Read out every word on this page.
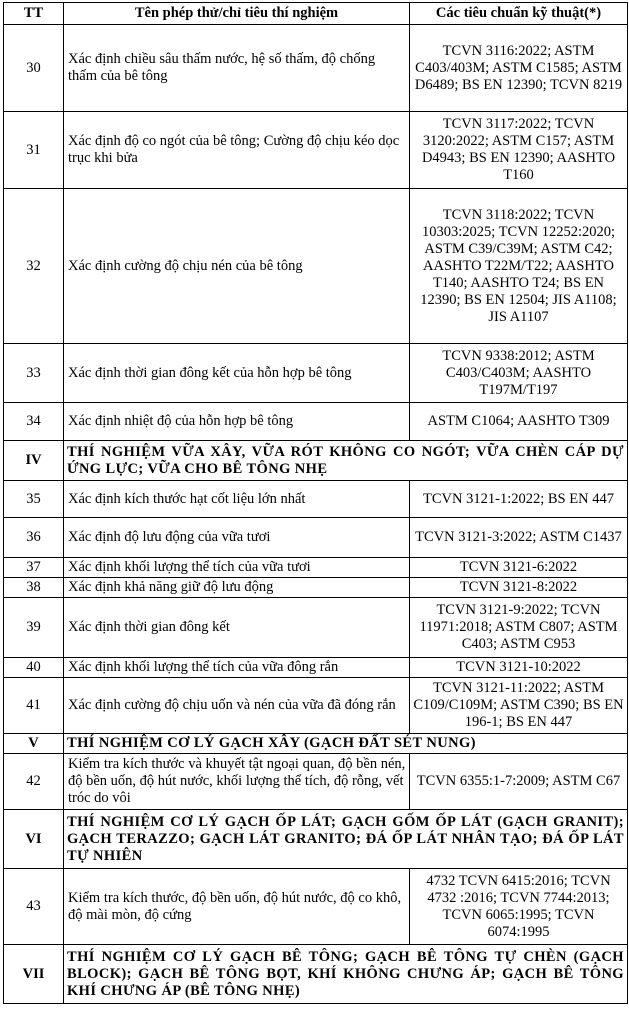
TT	Tên phép thử/chỉ tiêu thí nghiệm	Các tiêu chuẩn kỹ thuật(*)
30	Xác định chiều sâu thấm nước, hệ số thấm, độ chống thấm của bê tông	TCVN 3116:2022; ASTM C403/403M; ASTM C1585; ASTM D6489; BS EN 12390; TCVN 8219
31	Xác định độ co ngót của bê tông; Cường độ chịu kéo dọc trục khi bửa	TCVN 3117:2022; TCVN 3120:2022; ASTM C157; ASTM D4943; BS EN 12390; AASHTO T160
32	Xác định cường độ chịu nén của bê tông	TCVN 3118:2022; TCVN 10303:2025; TCVN 12252:2020; ASTM C39/C39M; ASTM C42; AASHTO T22M/T22; AASHTO T140; AASHTO T24; BS EN 12390; BS EN 12504; JIS A1108; JIS A1107
33	Xác định thời gian đông kết của hỗn hợp bê tông	TCVN 9338:2012; ASTM C403/C403M; AASHTO T197M/T197
34	Xác định nhiệt độ của hỗn hợp bê tông	ASTM C1064; AASHTO T309
IV	THÍ NGHIỆM VỮA XÂY, VỮA RÓT KHÔNG CO NGÓT; VỮA CHÈN CÁP DỰ ỨNG LỰC; VỮA CHO BÊ TÔNG NHẸ	
35	Xác định kích thước hạt cốt liệu lớn nhất	TCVN 3121-1:2022; BS EN 447
36	Xác định độ lưu động của vữa tươi	TCVN 3121-3:2022; ASTM C1437
37	Xác định khối lượng thể tích của vữa tươi	TCVN 3121-6:2022
38	Xác định khả năng giữ độ lưu động	TCVN 3121-8:2022
39	Xác định thời gian đông kết	TCVN 3121-9:2022; TCVN 11971:2018; ASTM C807; ASTM C403; ASTM C953
40	Xác định khối lượng thể tích của vữa đông rắn	TCVN 3121-10:2022
41	Xác định cường độ chịu uốn và nén của vữa đã đóng rắn	TCVN 3121-11:2022; ASTM C109/C109M; ASTM C390; BS EN 196-1; BS EN 447
V	THÍ NGHIỆM CƠ LÝ GẠCH XÂY (GẠCH ĐẤT SÉT NUNG)	
42	Kiểm tra kích thước và khuyết tật ngoại quan, độ bền nén, độ bền uốn, độ hút nước, khối lượng thể tích, độ rỗng, vết tróc do vôi	TCVN 6355:1-7:2009; ASTM C67
VI	THÍ NGHIỆM CƠ LÝ GẠCH ỐP LÁT; GẠCH GỐM ỐP LÁT (GẠCH GRANIT); GẠCH TERAZZO; GẠCH LÁT GRANITO; ĐÁ ỐP LÁT NHÂN TẠO; ĐÁ ỐP LÁT TỰ NHIÊN	
43	Kiểm tra kích thước, độ bền uốn, độ hút nước, độ co khô, độ mài mòn, độ cứng	4732 TCVN 6415:2016; TCVN 4732 :2016; TCVN 7744:2013; TCVN 6065:1995; TCVN 6074:1995
VII	THÍ NGHIỆM CƠ LÝ GẠCH BÊ TÔNG; GẠCH BÊ TÔNG TỰ CHÈN (GẠCH BLOCK); GẠCH BÊ TÔNG BỌT, KHÍ KHÔNG CHƯNG ÁP; GẠCH BÊ TÔNG KHÍ CHƯNG ÁP (BÊ TÔNG NHẸ)	
